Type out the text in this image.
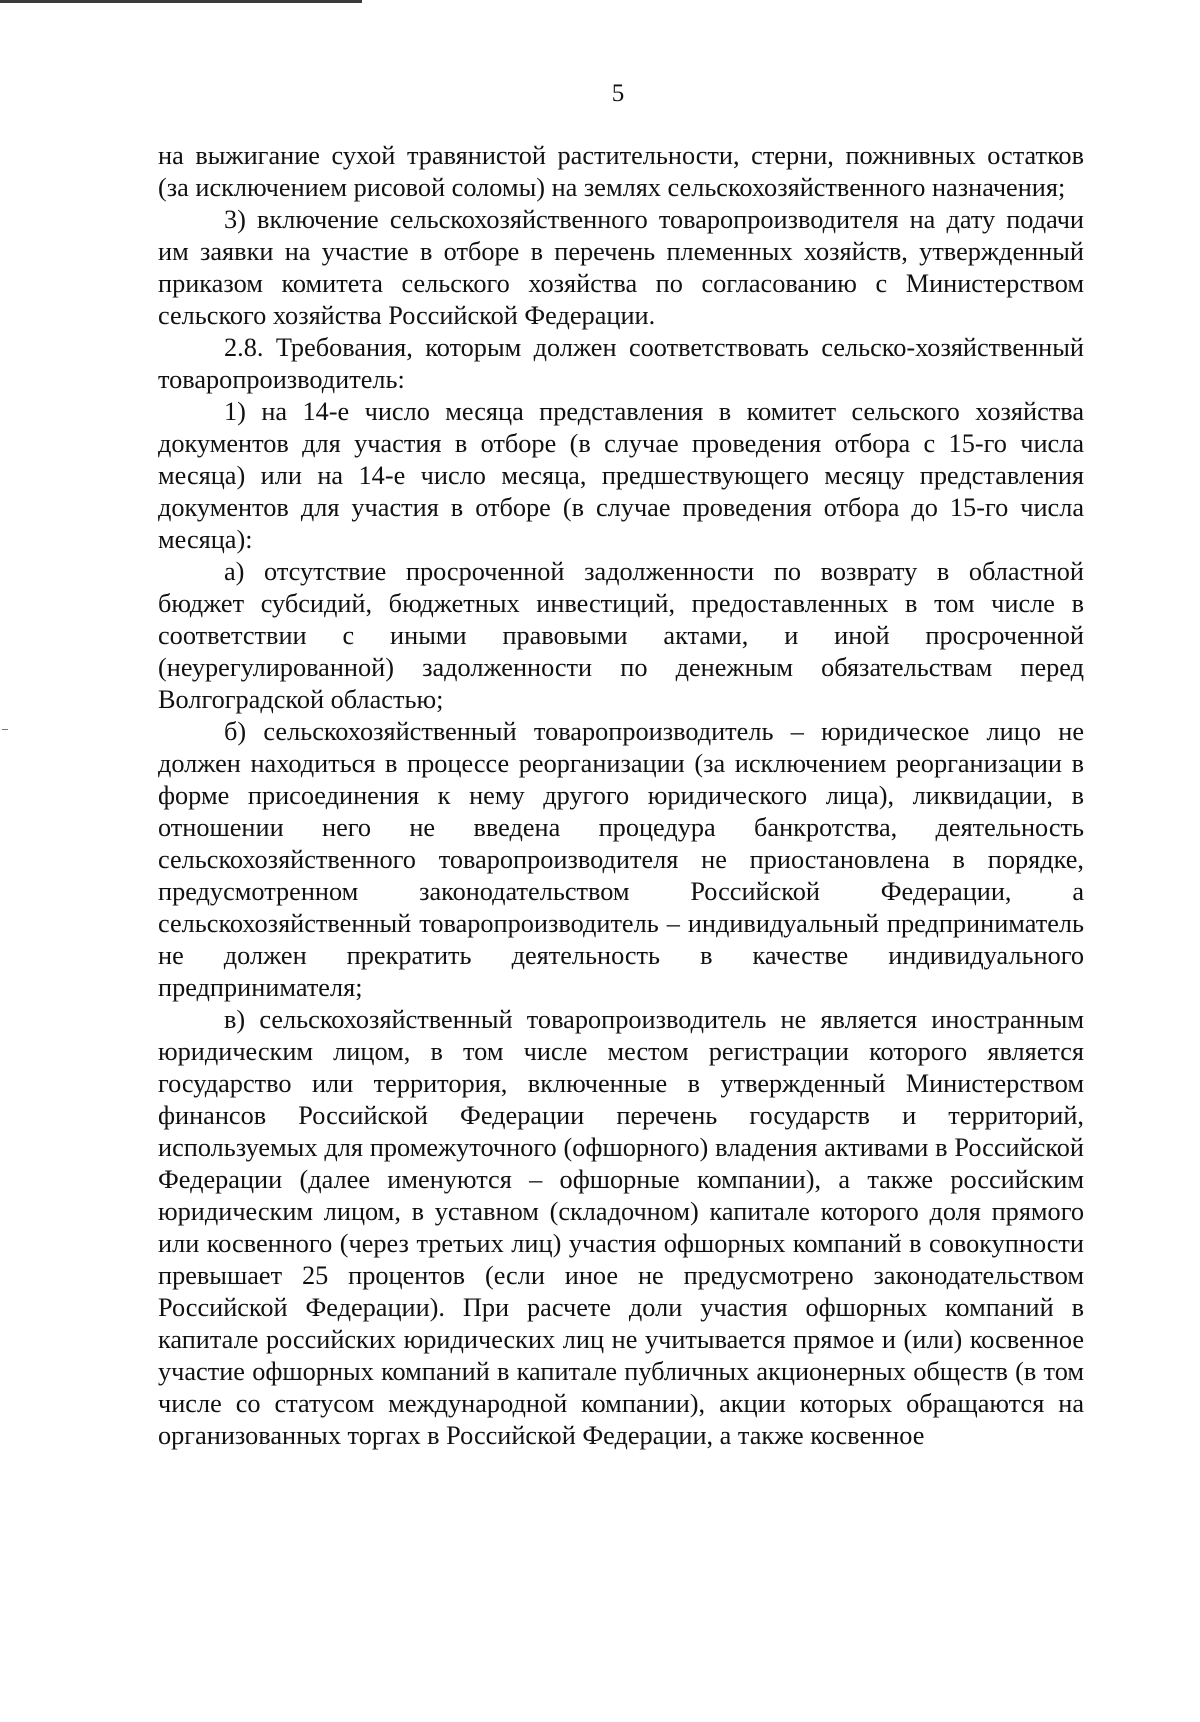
5

на выжигание сухой травянистой растительности, стерни, пожнивных остатков (за исключением рисовой соломы) на землях сельскохозяйственного назначения;

3) включение сельскохозяйственного товаропроизводителя на дату подачи им заявки на участие в отборе в перечень племенных хозяйств, утвержденный приказом комитета сельского хозяйства по согласованию с Министерством сельского хозяйства Российской Федерации.

2.8. Требования, которым должен соответствовать сельско-хозяйственный товаропроизводитель:

1) на 14-е число месяца представления в комитет сельского хозяйства документов для участия в отборе (в случае проведения отбора с 15-го числа месяца) или на 14-е число месяца, предшествующего месяцу представления документов для участия в отборе (в случае проведения отбора до 15-го числа месяца):

а) отсутствие просроченной задолженности по возврату в областной бюджет субсидий, бюджетных инвестиций, предоставленных в том числе в соответствии с иными правовыми актами, и иной просроченной (неурегулированной) задолженности по денежным обязательствам перед Волгоградской областью;

б) сельскохозяйственный товаропроизводитель – юридическое лицо не должен находиться в процессе реорганизации (за исключением реорганизации в форме присоединения к нему другого юридического лица), ликвидации, в отношении него не введена процедура банкротства, деятельность сельскохозяйственного товаропроизводителя не приостановлена в порядке, предусмотренном законодательством Российской Федерации, а сельскохозяйственный товаропроизводитель – индивидуальный предприниматель не должен прекратить деятельность в качестве индивидуального предпринимателя;

в) сельскохозяйственный товаропроизводитель не является иностранным юридическим лицом, в том числе местом регистрации которого является государство или территория, включенные в утвержденный Министерством финансов Российской Федерации перечень государств и территорий, используемых для промежуточного (офшорного) владения активами в Российской Федерации (далее именуются – офшорные компании), а также российским юридическим лицом, в уставном (складочном) капитале которого доля прямого или косвенного (через третьих лиц) участия офшорных компаний в совокупности превышает 25 процентов (если иное не предусмотрено законодательством Российской Федерации). При расчете доли участия офшорных компаний в капитале российских юридических лиц не учитывается прямое и (или) косвенное участие офшорных компаний в капитале публичных акционерных обществ (в том числе со статусом международной компании), акции которых обращаются на организованных торгах в Российской Федерации, а также косвенное
